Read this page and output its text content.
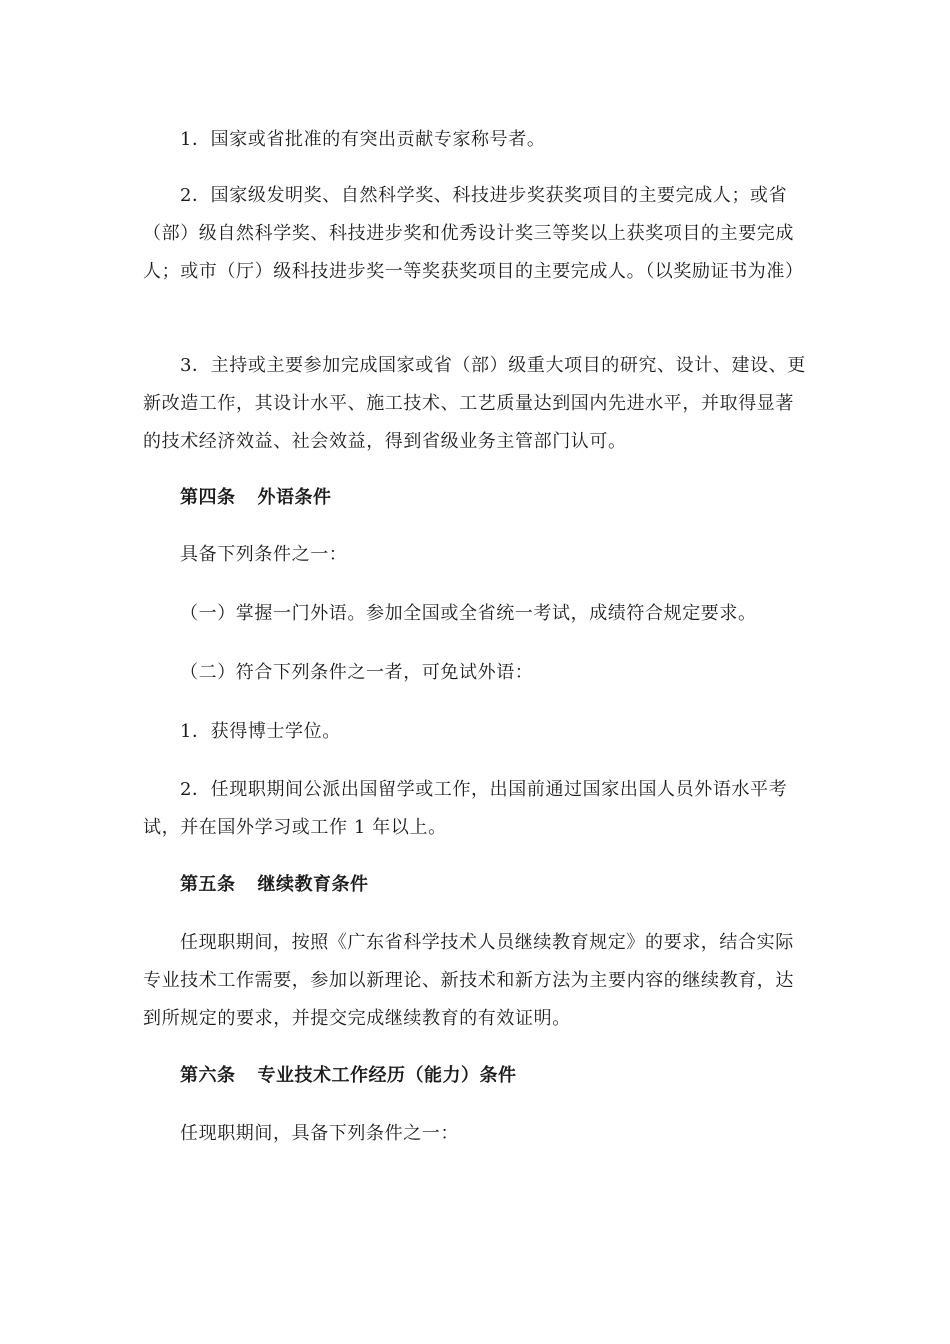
1．国家或省批准的有突出贡献专家称号者。

2．国家级发明奖、自然科学奖、科技进步奖获奖项目的主要完成人；或省（部）级自然科学奖、科技进步奖和优秀设计奖三等奖以上获奖项目的主要完成人；或市（厅）级科技进步奖一等奖获奖项目的主要完成人。（以奖励证书为准）

3．主持或主要参加完成国家或省（部）级重大项目的研究、设计、建设、更新改造工作，其设计水平、施工技术、工艺质量达到国内先进水平，并取得显著的技术经济效益、社会效益，得到省级业务主管部门认可。

第四条 外语条件

具备下列条件之一：

（一）掌握一门外语。参加全国或全省统一考试，成绩符合规定要求。

（二）符合下列条件之一者，可免试外语：

1．获得博士学位。

2．任现职期间公派出国留学或工作，出国前通过国家出国人员外语水平考试，并在国外学习或工作 1 年以上。

第五条 继续教育条件

任现职期间，按照《广东省科学技术人员继续教育规定》的要求，结合实际专业技术工作需要，参加以新理论、新技术和新方法为主要内容的继续教育，达到所规定的要求，并提交完成继续教育的有效证明。

第六条 专业技术工作经历（能力）条件

任现职期间，具备下列条件之一：
